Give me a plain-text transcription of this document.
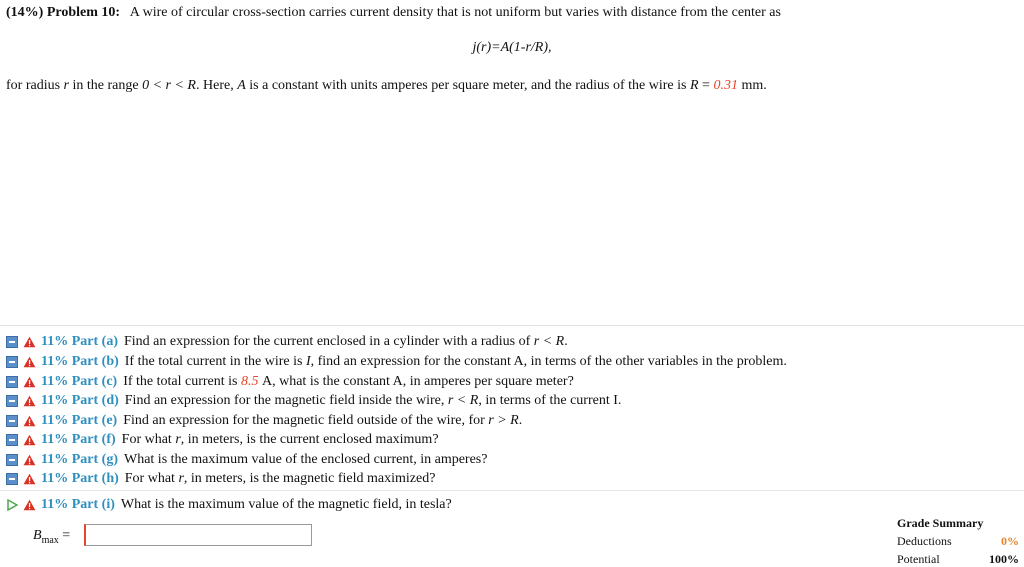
(14%) Problem 10: A wire of circular cross-section carries current density that is not uniform but varies with distance from the center as
j(r)=A(1-r/R),
for radius r in the range 0 < r < R. Here, A is a constant with units amperes per square meter, and the radius of the wire is R = 0.31 mm.
11% Part (a) Find an expression for the current enclosed in a cylinder with a radius of
r < R .
11% Part (b) If the total current in the wire is
I , find an expression for the constant A, in terms of the other variables in the problem.
11% Part (c) If the total current is
8.5
A, what is the constant A, in amperes per square meter?
11% Part (d) Find an expression for the magnetic field inside the wire,
r < R , in terms of the current I.
11% Part (e) Find an expression for the magnetic field outside of the wire, for
r > R .
11% Part (f) For what
r , in meters, is the current enclosed maximum?
11% Part (g) What is the maximum value of the enclosed current, in amperes?
11% Part (h) For what
r , in meters, is the magnetic field maximized?
11% Part (i) What is the maximum value of the magnetic field, in tesla?
$B_{max}$ =
Grade Summary
Deductions	0%
Potential	100%
